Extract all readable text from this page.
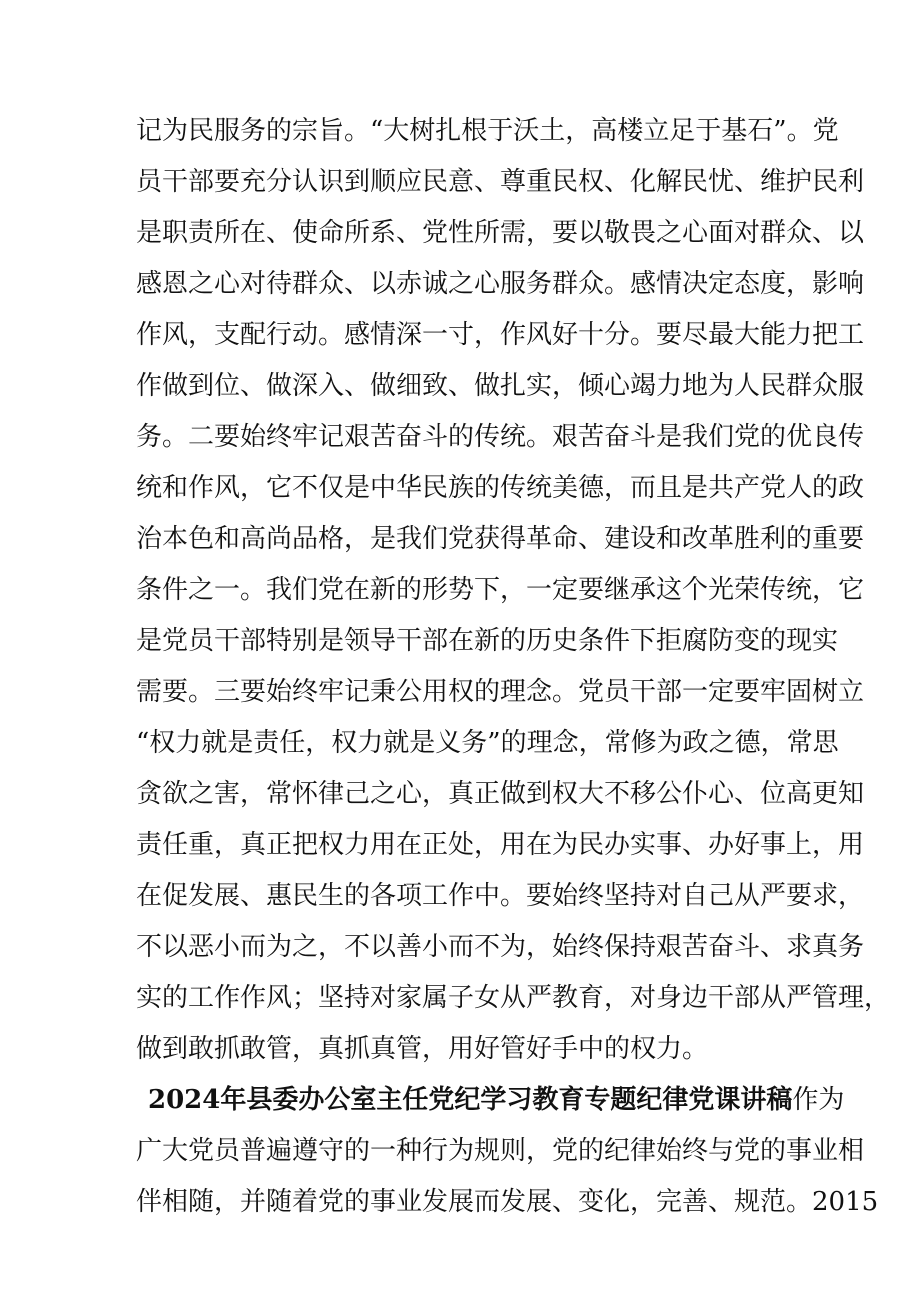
记为民服务的宗旨。“大树扎根于沃土，高楼立足于基石”。党
员干部要充分认识到顺应民意、尊重民权、化解民忧、维护民利
是职责所在、使命所系、党性所需，要以敬畏之心面对群众、以
感恩之心对待群众、以赤诚之心服务群众。感情决定态度，影响
作风，支配行动。感情深一寸，作风好十分。要尽最大能力把工
作做到位、做深入、做细致、做扎实，倾心竭力地为人民群众服
务。二要始终牢记艰苦奋斗的传统。艰苦奋斗是我们党的优良传
统和作风，它不仅是中华民族的传统美德，而且是共产党人的政
治本色和高尚品格，是我们党获得革命、建设和改革胜利的重要
条件之一。我们党在新的形势下，一定要继承这个光荣传统，它
是党员干部特别是领导干部在新的历史条件下拒腐防变的现实
需要。三要始终牢记秉公用权的理念。党员干部一定要牢固树立
“权力就是责任，权力就是义务”的理念，常修为政之德，常思
贪欲之害，常怀律己之心，真正做到权大不移公仆心、位高更知
责任重，真正把权力用在正处，用在为民办实事、办好事上，用
在促发展、惠民生的各项工作中。要始终坚持对自己从严要求，
不以恶小而为之，不以善小而不为，始终保持艰苦奋斗、求真务
实的工作作风；坚持对家属子女从严教育，对身边干部从严管理，
做到敢抓敢管，真抓真管，用好管好手中的权力。
2024年县委办公室主任党纪学习教育专题纪律党课讲稿作为
广大党员普遍遵守的一种行为规则，党的纪律始终与党的事业相
伴相随，并随着党的事业发展而发展、变化，完善、规范。2015
